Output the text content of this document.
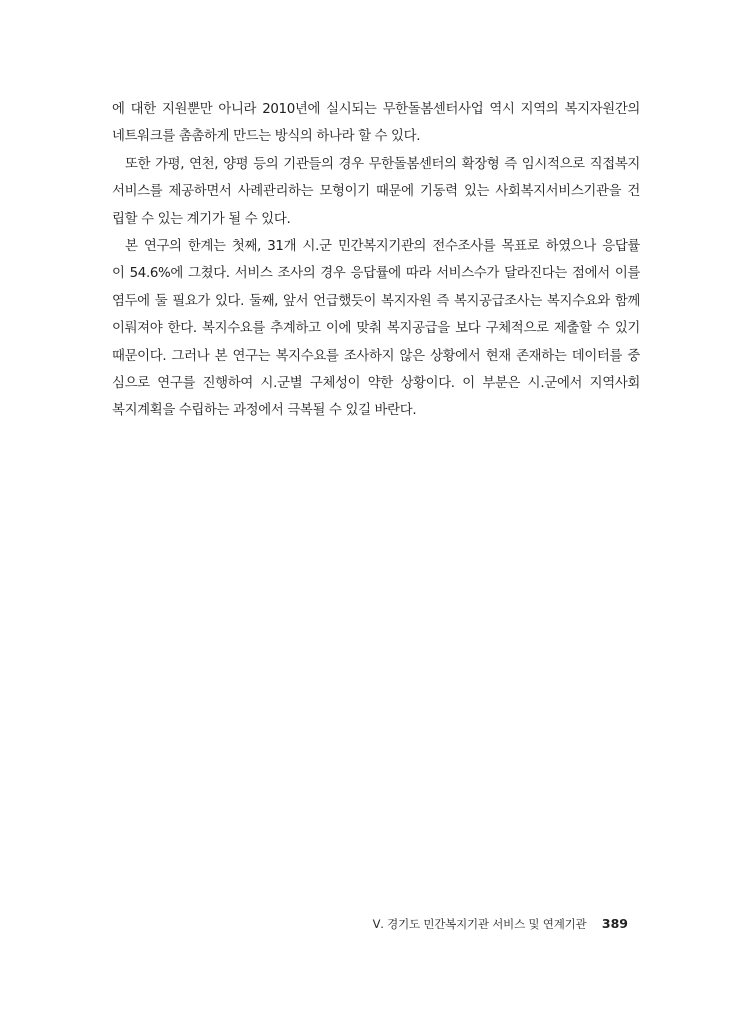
에 대한 지원뿐만 아니라 2010년에 실시되는 무한돌봄센터사업 역시 지역의 복지자원간의
네트워크를 촘촘하게 만드는 방식의 하나라 할 수 있다.
또한 가평, 연천, 양평 등의 기관들의 경우 무한돌봄센터의 확장형 즉 임시적으로 직접복지
서비스를 제공하면서 사례관리하는 모형이기 때문에 기동력 있는 사회복지서비스기관을 건
립할 수 있는 계기가 될 수 있다.
본 연구의 한계는 첫째, 31개 시․군 민간복지기관의 전수조사를 목표로 하였으나 응답률
이 54.6%에 그쳤다. 서비스 조사의 경우 응답률에 따라 서비스수가 달라진다는 점에서 이를
염두에 둘 필요가 있다. 둘째, 앞서 언급했듯이 복지자원 즉 복지공급조사는 복지수요와 함께
이뤄져야 한다. 복지수요를 추계하고 이에 맞춰 복지공급을 보다 구체적으로 제출할 수 있기
때문이다. 그러나 본 연구는 복지수요를 조사하지 않은 상황에서 현재 존재하는 데이터를 중
심으로 연구를 진행하여 시․군별 구체성이 약한 상황이다. 이 부분은 시․군에서 지역사회
복지계획을 수립하는 과정에서 극복될 수 있길 바란다.
Ⅴ. 경기도 민간복지기관 서비스 및 연계기관 389
